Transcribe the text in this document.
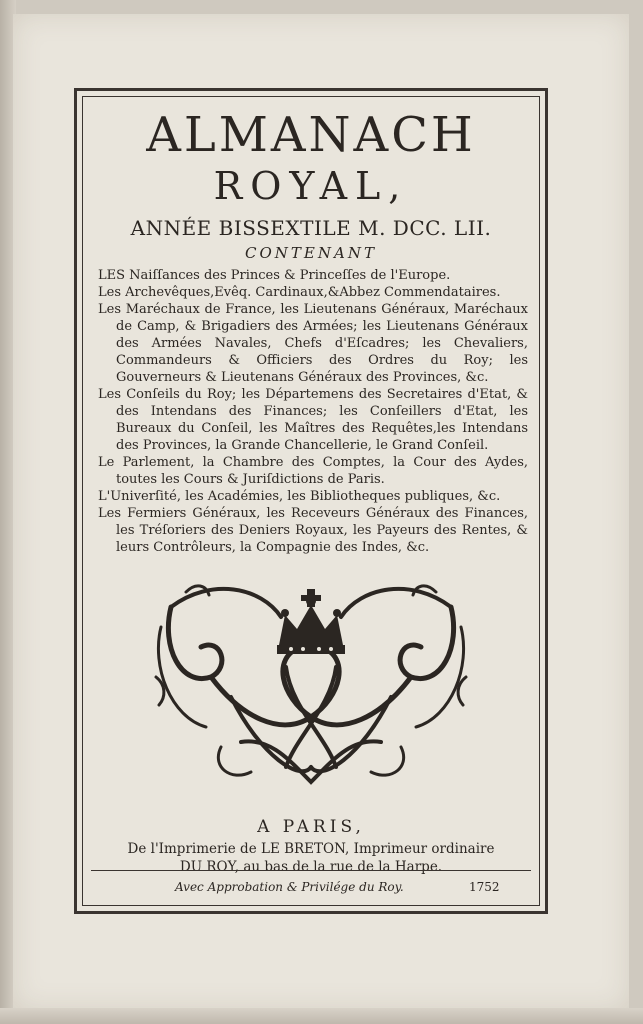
ALMANACH
ROYAL,
ANNÉE BISSEXTILE M. DCC. LII.
CONTENANT

LES Naiſſances des Princes & Princeſſes de l'Europe.

Les Archevêques,Evêq. Cardinaux,&Abbez Commendataires.

Les Maréchaux de France, les Lieutenans Généraux, Maréchaux de Camp, & Brigadiers des Armées; les Lieutenans Généraux des Armées Navales, Chefs d'Eſcadres; les Chevaliers, Commandeurs & Officiers des Ordres du Roy; les Gouverneurs & Lieutenans Généraux des Provinces, &c.

Les Conſeils du Roy; les Départemens des Secretaires d'Etat, & des Intendans des Finances; les Conſeillers d'Etat, les Bureaux du Conſeil, les Maîtres des Requêtes,les Intendans des Provinces, la Grande Chancellerie, le Grand Conſeil.

Le Parlement, la Chambre des Comptes, la Cour des Aydes, toutes les Cours & Juriſdictions de Paris.

L'Univerſité, les Académies, les Bibliotheques publiques, &c.

Les Fermiers Généraux, les Receveurs Généraux des Finances, les Tréſoriers des Deniers Royaux, les Payeurs des Rentes, & leurs Contrôleurs, la Compagnie des Indes, &c.

A PARIS,
De l'Imprimerie de LE BRETON, Imprimeur ordinaire
DU ROY, au bas de la rue de la Harpe.
Avec Approbation & Privilége du Roy.	1752
